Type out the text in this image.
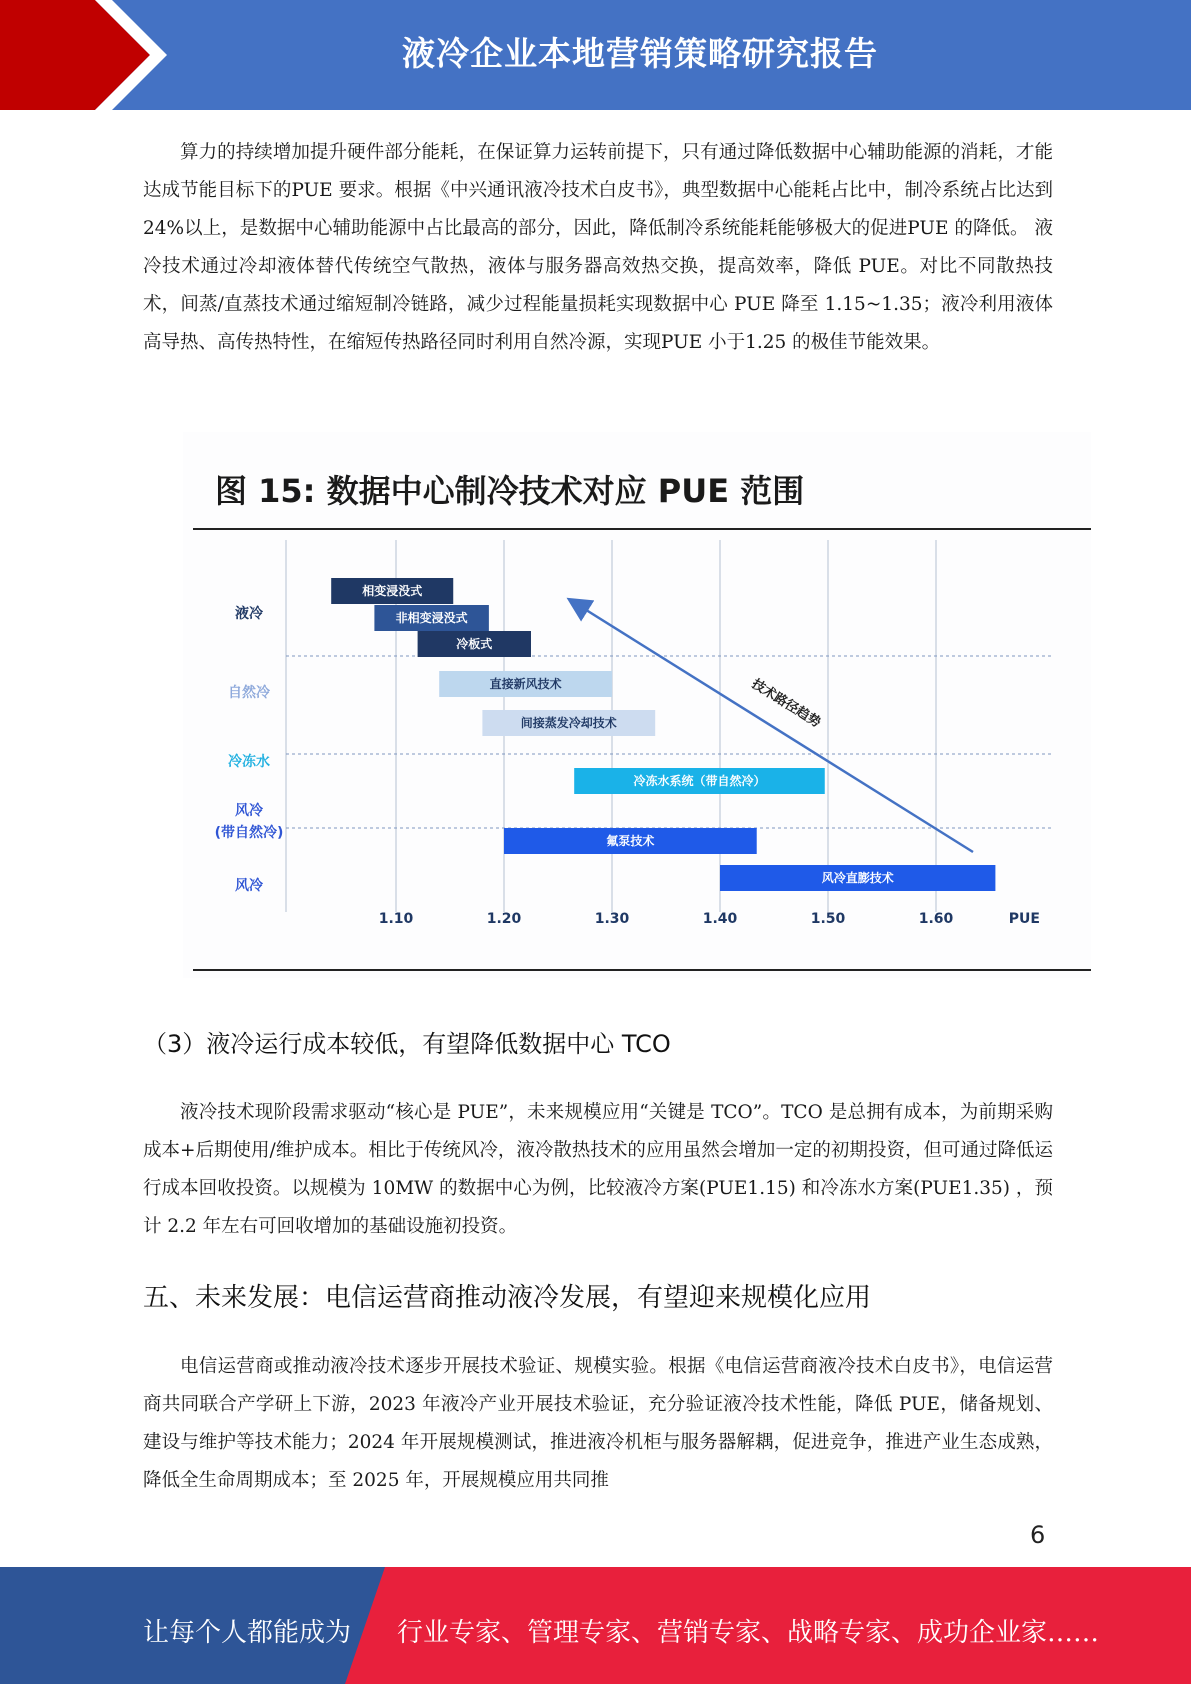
液冷企业本地营销策略研究报告

算力的持续增加提升硬件部分能耗，在保证算力运转前提下，只有通过降低数据中心辅助能源的消耗，才能达成节能目标下的PUE 要求。根据《中兴通讯液冷技术白皮书》，典型数据中心能耗占比中，制冷系统占比达到24%以上，是数据中心辅助能源中占比最高的部分，因此，降低制冷系统能耗能够极大的促进PUE 的降低。 液冷技术通过冷却液体替代传统空气散热，液体与服务器高效热交换，提高效率，降低 PUE。对比不同散热技术，间蒸/直蒸技术通过缩短制冷链路，减少过程能量损耗实现数据中心 PUE 降至 1.15~1.35；液冷利用液体高导热、高传热特性，在缩短传热路径同时利用自然冷源，实现PUE 小于1.25 的极佳节能效果。

图 15: 数据中心制冷技术对应 PUE 范围
1.10	1.20	1.30	1.40	1.50	1.60	PUE
液冷
自然冷
冷冻水
风冷
(带自然冷)
风冷
相变浸没式
非相变浸没式
冷板式
直接新风技术
间接蒸发冷却技术
冷冻水系统（带自然冷）
氟泵技术
风冷直膨技术
技术路径趋势
（3）液冷运行成本较低，有望降低数据中心 TCO

液冷技术现阶段需求驱动“核心是 PUE”，未来规模应用“关键是 TCO”。TCO 是总拥有成本，为前期采购成本+后期使用/维护成本。相比于传统风冷，液冷散热技术的应用虽然会增加一定的初期投资，但可通过降低运行成本回收投资。以规模为 10MW 的数据中心为例，比较液冷方案(PUE1.15) 和冷冻水方案(PUE1.35) ，预计 2.2 年左右可回收增加的基础设施初投资。

五、未来发展：电信运营商推动液冷发展，有望迎来规模化应用

电信运营商或推动液冷技术逐步开展技术验证、规模实验。根据《电信运营商液冷技术白皮书》，电信运营商共同联合产学研上下游，2023 年液冷产业开展技术验证，充分验证液冷技术性能，降低 PUE，储备规划、建设与维护等技术能力；2024 年开展规模测试，推进液冷机柜与服务器解耦，促进竞争，推进产业生态成熟，降低全生命周期成本；至 2025 年，开展规模应用共同推

6
让每个人都能成为 行业专家、管理专家、营销专家、战略专家、成功企业家……
